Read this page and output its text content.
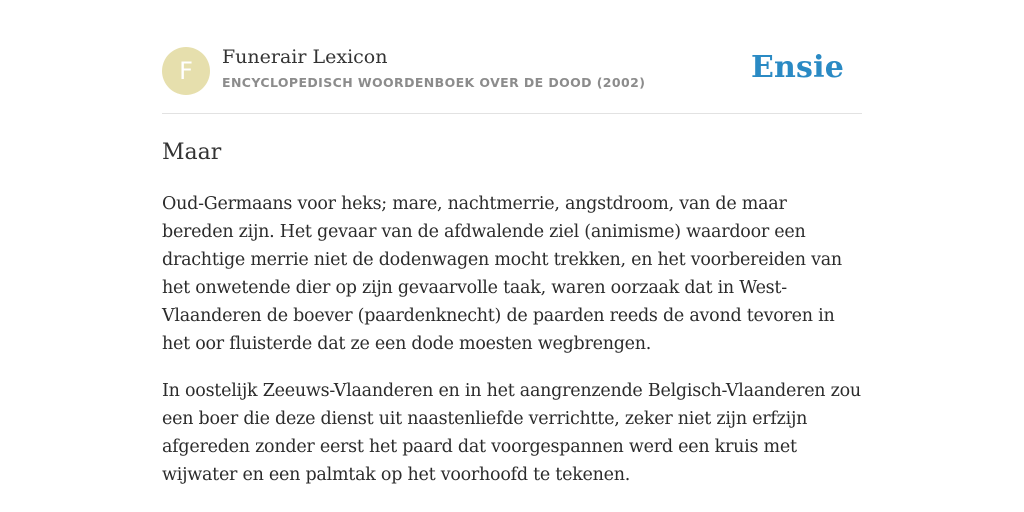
F	Funerair Lexicon
ENCYCLOPEDISCH WOORDENBOEK OVER DE DOOD (2002)	Ensie
Maar

Oud-Germaans voor heks; mare, nachtmerrie, angstdroom, van de maar bereden zijn. Het gevaar van de afdwalende ziel (animisme) waardoor een drachtige merrie niet de dodenwagen mocht trekken, en het voorbereiden van het onwetende dier op zijn gevaarvolle taak, waren oorzaak dat in West-Vlaanderen de boever (paardenknecht) de paarden reeds de avond tevoren in het oor fluisterde dat ze een dode moesten wegbrengen.

In oostelijk Zeeuws-Vlaanderen en in het aangrenzende Belgisch-Vlaanderen zou een boer die deze dienst uit naastenliefde verrichtte, zeker niet zijn erfzijn afgereden zonder eerst het paard dat voorgespannen werd een kruis met wijwater en een palmtak op het voorhoofd te tekenen.
